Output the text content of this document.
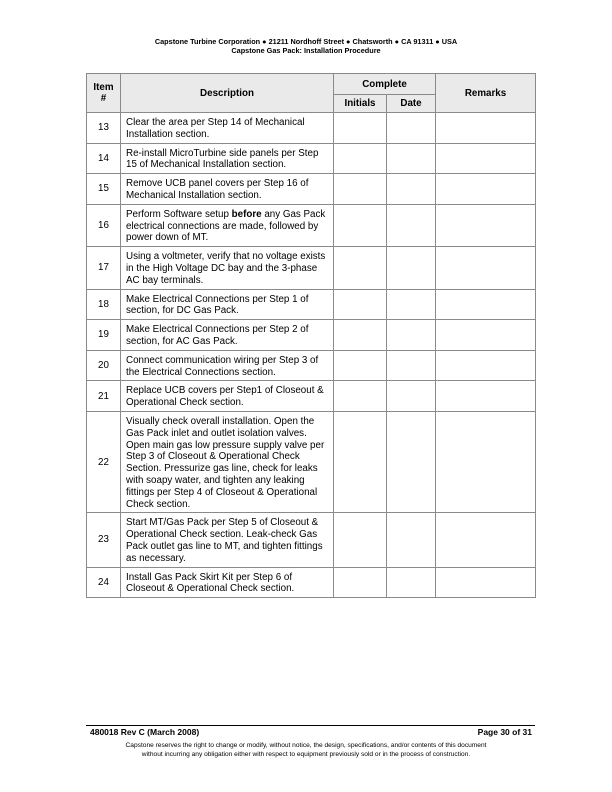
Capstone Turbine Corporation ● 21211 Nordhoff Street ● Chatsworth ● CA 91311 ● USA
Capstone Gas Pack: Installation Procedure
Item #	Description	Complete		Remarks
		Initials	Date	
13	Clear the area per Step 14 of Mechanical Installation section.			
14	Re-install MicroTurbine side panels per Step 15 of Mechanical Installation section.			
15	Remove UCB panel covers per Step 16 of Mechanical Installation section.			
16	Perform Software setup before any Gas Pack electrical connections are made, followed by power down of MT.			
17	Using a voltmeter, verify that no voltage exists in the High Voltage DC bay and the 3-phase AC bay terminals.			
18	Make Electrical Connections per Step 1 of section, for DC Gas Pack.			
19	Make Electrical Connections per Step 2 of section, for AC Gas Pack.			
20	Connect communication wiring per Step 3 of the Electrical Connections section.			
21	Replace UCB covers per Step1 of Closeout & Operational Check section.			
22	Visually check overall installation. Open the Gas Pack inlet and outlet isolation valves. Open main gas low pressure supply valve per Step 3 of Closeout & Operational Check Section. Pressurize gas line, check for leaks with soapy water, and tighten any leaking fittings per Step 4 of Closeout & Operational Check section.			
23	Start MT/Gas Pack per Step 5 of Closeout & Operational Check section. Leak-check Gas Pack outlet gas line to MT, and tighten fittings as necessary.			
24	Install Gas Pack Skirt Kit per Step 6 of Closeout & Operational Check section.			
480018 Rev C (March 2008)	Page 30 of 31
Capstone reserves the right to change or modify, without notice, the design, specifications, and/or contents of this document
without incurring any obligation either with respect to equipment previously sold or in the process of construction.
